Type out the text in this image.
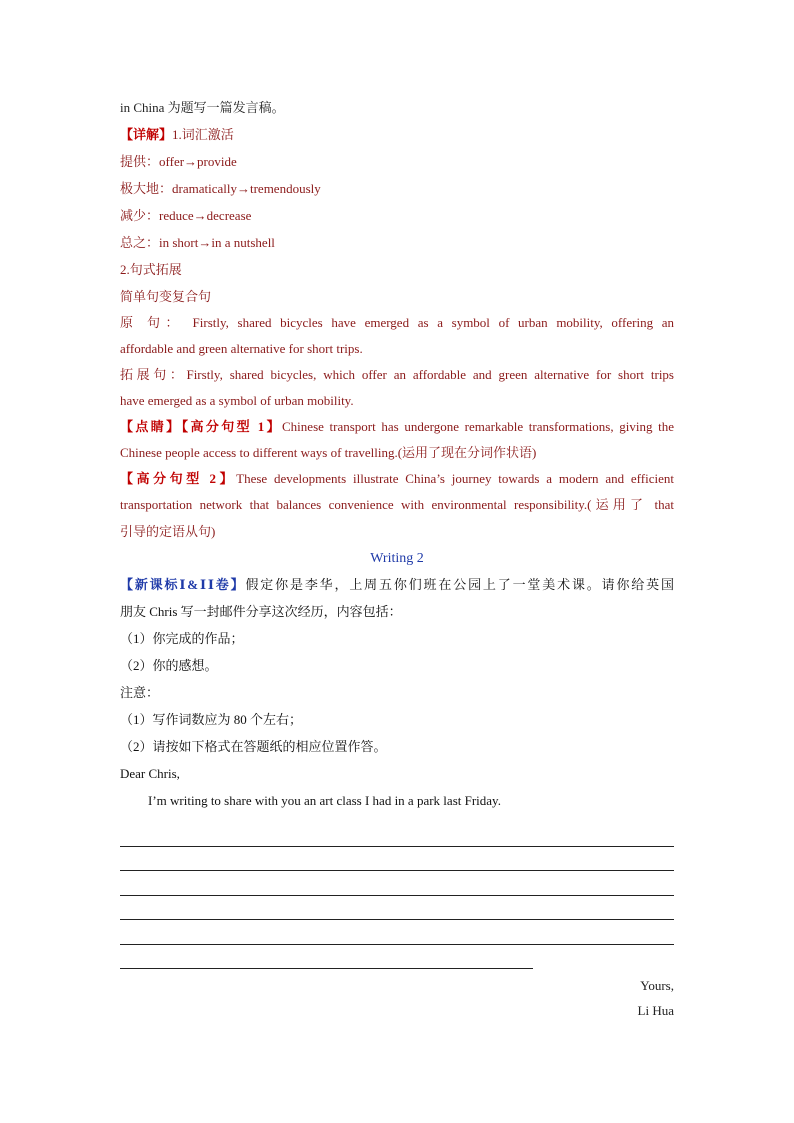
in China 为题写一篇发言稿。

【详解】1.词汇激活

提供：offer→provide

极大地：dramatically→tremendously

减少：reduce→decrease

总之：in short→in a nutshell

2.句式拓展

简单句变复合句

原 句： Firstly, shared bicycles have emerged as a symbol of urban mobility, offering an

affordable and green alternative for short trips.

拓展句：Firstly, shared bicycles, which offer an affordable and green alternative for short trips

have emerged as a symbol of urban mobility.

【点睛】【高分句型 1】Chinese transport has undergone remarkable transformations, giving the

Chinese people access to different ways of travelling.(运用了现在分词作状语)

【高分句型 2】These developments illustrate China’s journey towards a modern and efficient

transportation network that balances convenience with environmental responsibility.(运用了 that

引导的定语从句)

Writing 2

【新课标Ⅰ&ⅠⅠ卷】假定你是李华，上周五你们班在公园上了一堂美术课。请你给英国

朋友 Chris 写一封邮件分享这次经历，内容包括：

（1）你完成的作品；

（2）你的感想。

注意：

（1）写作词数应为 80 个左右；

（2）请按如下格式在答题纸的相应位置作答。

Dear Chris,

I’m writing to share with you an art class I had in a park last Friday.

Yours,

Li Hua
